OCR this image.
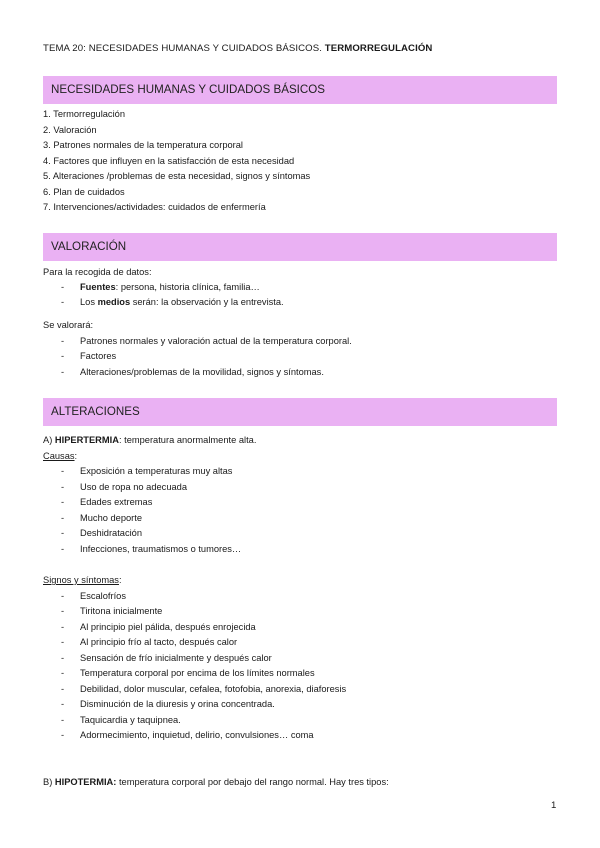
TEMA 20: NECESIDADES HUMANAS Y CUIDADOS BÁSICOS. TERMORREGULACIÓN
NECESIDADES HUMANAS Y CUIDADOS BÁSICOS
1. Termorregulación
2. Valoración
3. Patrones normales de la temperatura corporal
4. Factores que influyen en la satisfacción de esta necesidad
5. Alteraciones /problemas de esta necesidad, signos y síntomas
6. Plan de cuidados
7. Intervenciones/actividades: cuidados de enfermería
VALORACIÓN
Para la recogida de datos:
- Fuentes: persona, historia clínica, familia…
- Los medios serán: la observación y la entrevista.
Se valorará:
- Patrones normales y valoración actual de la temperatura corporal.
- Factores
- Alteraciones/problemas de la movilidad, signos y síntomas.
ALTERACIONES
A) HIPERTERMIA: temperatura anormalmente alta.
Causas:
- Exposición a temperaturas muy altas
- Uso de ropa no adecuada
- Edades extremas
- Mucho deporte
- Deshidratación
- Infecciones, traumatismos o tumores…
Signos y síntomas:
- Escalofríos
- Tiritona inicialmente
- Al principio piel pálida, después enrojecida
- Al principio frío al tacto, después calor
- Sensación de frío inicialmente y después calor
- Temperatura corporal por encima de los límites normales
- Debilidad, dolor muscular, cefalea, fotofobia, anorexia, diaforesis
- Disminución de la diuresis y orina concentrada.
- Taquicardia y taquipnea.
- Adormecimiento, inquietud, delirio, convulsiones… coma
B) HIPOTERMIA: temperatura corporal por debajo del rango normal. Hay tres tipos:
1
